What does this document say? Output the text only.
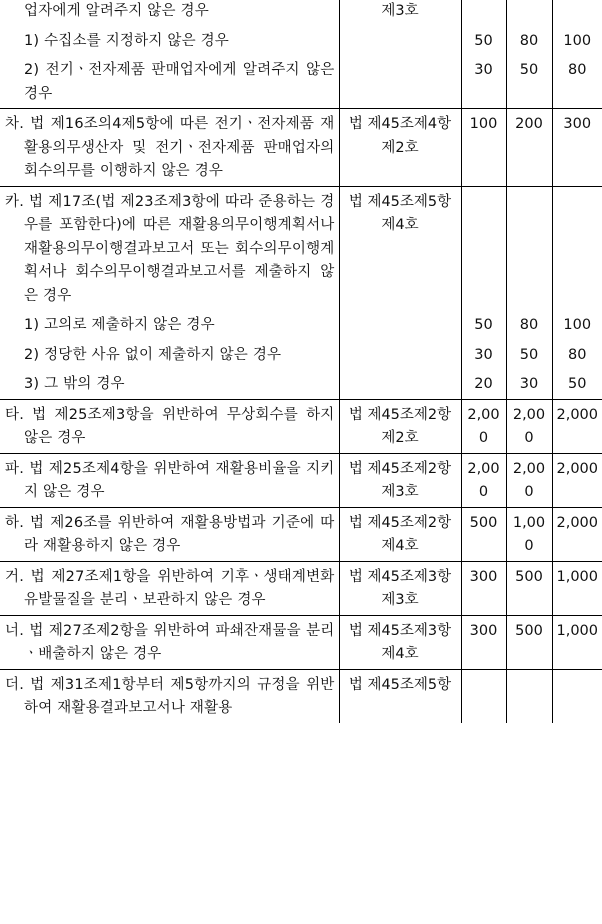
업자에게 알려주지 않은 경우	제3호			
1) 수집소를 지정하지 않은 경우		50	80	100
2) 전기ㆍ전자제품 판매업자에게 알려주지 않은 경우		30	50	80
차. 법 제16조의4제5항에 따른 전기ㆍ전자제품 재활용의무생산자 및 전기ㆍ전자제품 판매업자의 회수의무를 이행하지 않은 경우	법 제45조제4항 제2호	100	200	300
카. 법 제17조(법 제23조제3항에 따라 준용하는 경우를 포함한다)에 따른 재활용의무이행계획서나 재활용의무이행결과보고서 또는 회수의무이행계획서나 회수의무이행결과보고서를 제출하지 않은 경우	법 제45조제5항 제4호			
1) 고의로 제출하지 않은 경우		50	80	100
2) 정당한 사유 없이 제출하지 않은 경우		30	50	80
3) 그 밖의 경우		20	30	50
타. 법 제25조제3항을 위반하여 무상회수를 하지 않은 경우	법 제45조제2항 제2호	2,000	2,000	2,000
파. 법 제25조제4항을 위반하여 재활용비율을 지키지 않은 경우	법 제45조제2항 제3호	2,000	2,000	2,000
하. 법 제26조를 위반하여 재활용방법과 기준에 따라 재활용하지 않은 경우	법 제45조제2항 제4호	500	1,000	2,000
거. 법 제27조제1항을 위반하여 기후ㆍ생태계변화 유발물질을 분리ㆍ보관하지 않은 경우	법 제45조제3항 제3호	300	500	1,000
너. 법 제27조제2항을 위반하여 파쇄잔재물을 분리ㆍ배출하지 않은 경우	법 제45조제3항 제4호	300	500	1,000
더. 법 제31조제1항부터 제5항까지의 규정을 위반하여 재활용결과보고서나 재활용	법 제45조제5항			
